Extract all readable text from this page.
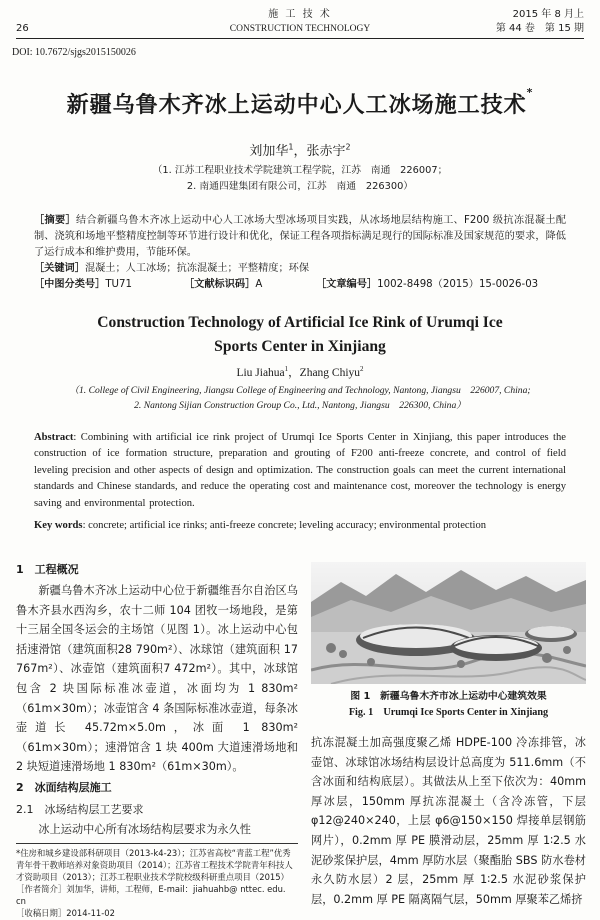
26
施 工 技 术
CONSTRUCTION TECHNOLOGY
2015 年 8 月上
第 44 卷　第 15 期
DOI: 10.7672/sjgs2015150026
新疆乌鲁木齐冰上运动中心人工冰场施工技术*
刘加华$^1$，张赤宇$^2$
（1. 江苏工程职业技术学院建筑工程学院，江苏　南通　226007；
2. 南通四建集团有限公司，江苏　南通　226300）

［摘要］结合新疆乌鲁木齐冰上运动中心人工冰场大型冰场项目实践，从冰场地层结构施工、F200 级抗冻混凝土配制、浇筑和场地平整精度控制等环节进行设计和优化，保证工程各项指标满足现行的国际标准及国家规范的要求，降低了运行成本和维护费用，节能环保。

［关键词］混凝土；人工冰场；抗冻混凝土；平整精度；环保

［中图分类号］TU71	［文献标识码］A	［文章编号］1002-8498（2015）15-0026-03

Construction Technology of Artificial Ice Rink of Urumqi Ice
Sports Center in Xinjiang
Liu Jiahua$^1$，Zhang Chiyu$^2$
（1. College of Civil Engineering, Jiangsu College of Engineering and Technology, Nantong, Jiangsu　226007, China;
2. Nantong Sijian Construction Group Co., Ltd., Nantong, Jiangsu　226300, China）

Abstract: Combining with artificial ice rink project of Urumqi Ice Sports Center in Xinjiang, this paper introduces the construction of ice formation structure, preparation and grouting of F200 anti-freeze concrete, and control of field leveling precision and other aspects of design and optimization. The construction goals can meet the current international standards and Chinese standards, and reduce the operating cost and maintenance cost, moreover the technology is energy saving and environmental protection.

Key words: concrete; artificial ice rinks; anti-freeze concrete; leveling accuracy; environmental protection

1　工程概况

新疆乌鲁木齐冰上运动中心位于新疆维吾尔自治区乌鲁木齐县水西沟乡，农十二师 104 团牧一场地段，是第十三届全国冬运会的主场馆（见图 1）。冰上运动中心包括速滑馆（建筑面积28 790m²）、冰球馆（建筑面积 17 767m²）、冰壶馆（建筑面积7 472m²）。其中，冰球馆包含 2 块国际标准冰壶道，冰面均为 1 830m²（61m×30m）；冰壶馆含 4 条国际标准冰壶道，每条冰壶道长 45.72m×5.0m，冰面 1 830m²（61m×30m）；速滑馆含 1 块 400m 大道速滑场地和 2 块短道速滑场地 1 830m²（61m×30m）。

2　冰面结构层施工
2.1　冰场结构层工艺要求

冰上运动中心所有冰场结构层要求为永久性

*住房和城乡建设部科研项目（2013-k4-23）；江苏省高校“青蓝工程”优秀青年骨干教师培养对象资助项目（2014）；江苏省工程技术学院青年科技人才资助项目（2013）；江苏工程职业技术学院校级科研重点项目（2015）

［作者简介］刘加华，讲师，工程师，E-mail：jiahuahb@ nttec. edu. cn

［收稿日期］2014-11-02

图 1　新疆乌鲁木齐市冰上运动中心建筑效果
Fig. 1　Urumqi Ice Sports Center in Xinjiang

抗冻混凝土加高强度聚乙烯 HDPE-100 冷冻排管，冰壶馆、冰球馆冰场结构层设计总高度为 511.6mm（不含冰面和结构底层）。其做法从上至下依次为：40mm 厚冰层，150mm 厚抗冻混凝土（含冷冻管，下层 φ12@240×240，上层 φ6@150×150 焊接单层钢筋网片），0.2mm 厚 PE 膜滑动层，25mm 厚 1∶2.5 水泥砂浆保护层，4mm 厚防水层（聚酯胎 SBS 防水卷材永久防水层）2 层，25mm 厚 1∶2.5 水泥砂浆保护层，0.2mm 厚 PE 隔离隔气层，50mm 厚聚苯乙烯挤
